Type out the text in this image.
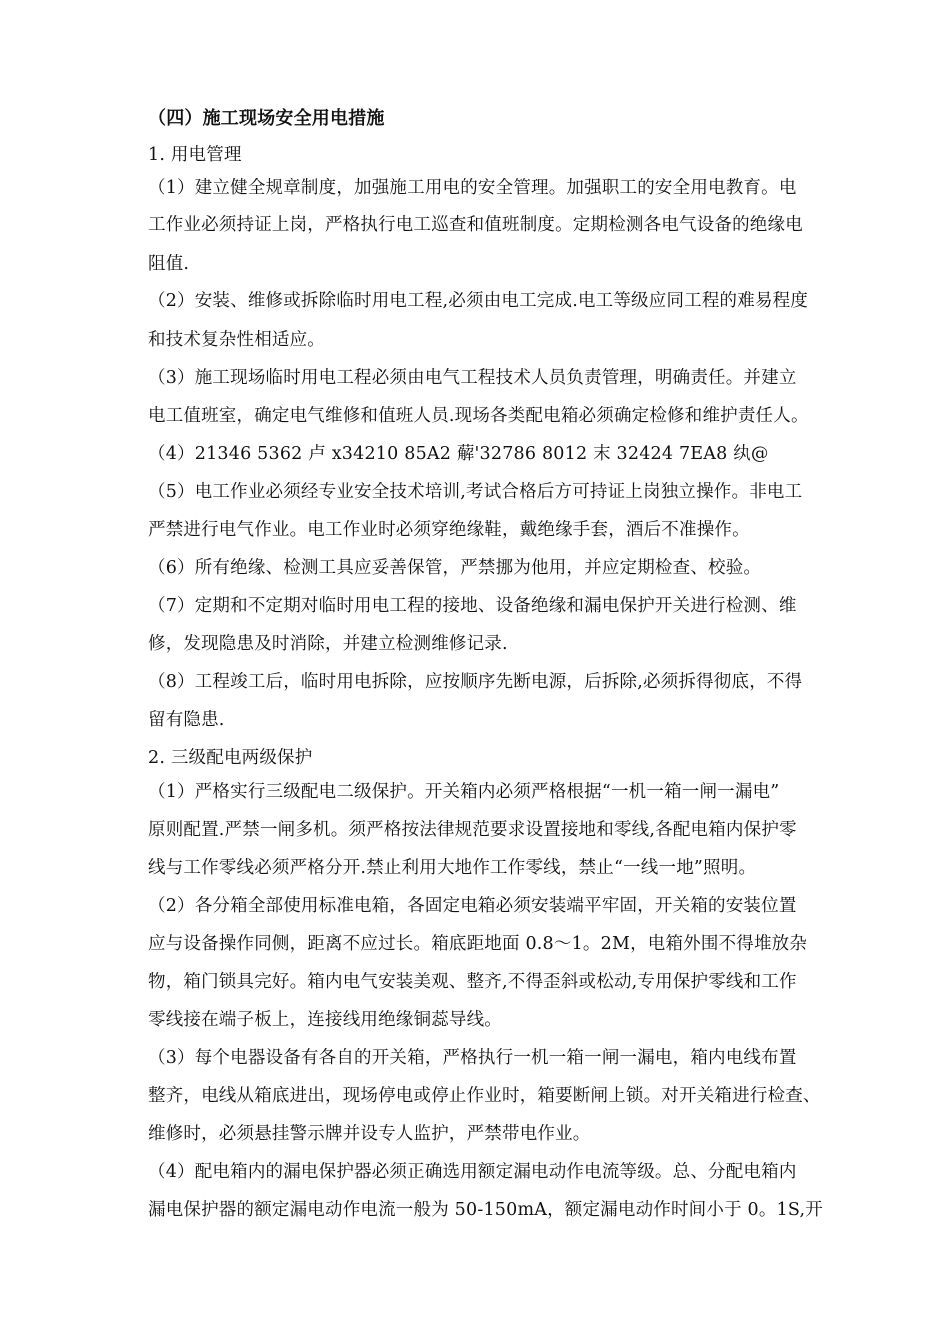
（四）施工现场安全用电措施
1. 用电管理
（1）建立健全规章制度，加强施工用电的安全管理。加强职工的安全用电教育。电
工作业必须持证上岗，严格执行电工巡查和值班制度。定期检测各电气设备的绝缘电
阻值.
（2）安装、维修或拆除临时用电工程,必须由电工完成.电工等级应同工程的难易程度
和技术复杂性相适应。
（3）施工现场临时用电工程必须由电气工程技术人员负责管理，明确责任。并建立
电工值班室，确定电气维修和值班人员.现场各类配电箱必须确定检修和维护责任人。
（4）21346 5362 卢 x34210 85A2 薢'32786 8012 末 32424 7EA8 纨@
（5）电工作业必须经专业安全技术培训,考试合格后方可持证上岗独立操作。非电工
严禁进行电气作业。电工作业时必须穿绝缘鞋，戴绝缘手套，酒后不准操作。
（6）所有绝缘、检测工具应妥善保管，严禁挪为他用，并应定期检查、校验。
（7）定期和不定期对临时用电工程的接地、设备绝缘和漏电保护开关进行检测、维
修，发现隐患及时消除，并建立检测维修记录.
（8）工程竣工后，临时用电拆除，应按顺序先断电源，后拆除,必须拆得彻底，不得
留有隐患.
2. 三级配电两级保护
（1）严格实行三级配电二级保护。开关箱内必须严格根据“一机一箱一闸一漏电”
原则配置.严禁一闸多机。须严格按法律规范要求设置接地和零线,各配电箱内保护零
线与工作零线必须严格分开.禁止利用大地作工作零线，禁止“一线一地”照明。
（2）各分箱全部使用标准电箱，各固定电箱必须安装端平牢固，开关箱的安装位置
应与设备操作同侧，距离不应过长。箱底距地面 0.8～1。2M，电箱外围不得堆放杂
物，箱门锁具完好。箱内电气安装美观、整齐,不得歪斜或松动,专用保护零线和工作
零线接在端子板上，连接线用绝缘铜蕊导线。
（3）每个电器设备有各自的开关箱，严格执行一机一箱一闸一漏电，箱内电线布置
整齐，电线从箱底进出，现场停电或停止作业时，箱要断闸上锁。对开关箱进行检查、
维修时，必须悬挂警示牌并设专人监护，严禁带电作业。
（4）配电箱内的漏电保护器必须正确选用额定漏电动作电流等级。总、分配电箱内
漏电保护器的额定漏电动作电流一般为 50-150mA，额定漏电动作时间小于 0。1S,开
